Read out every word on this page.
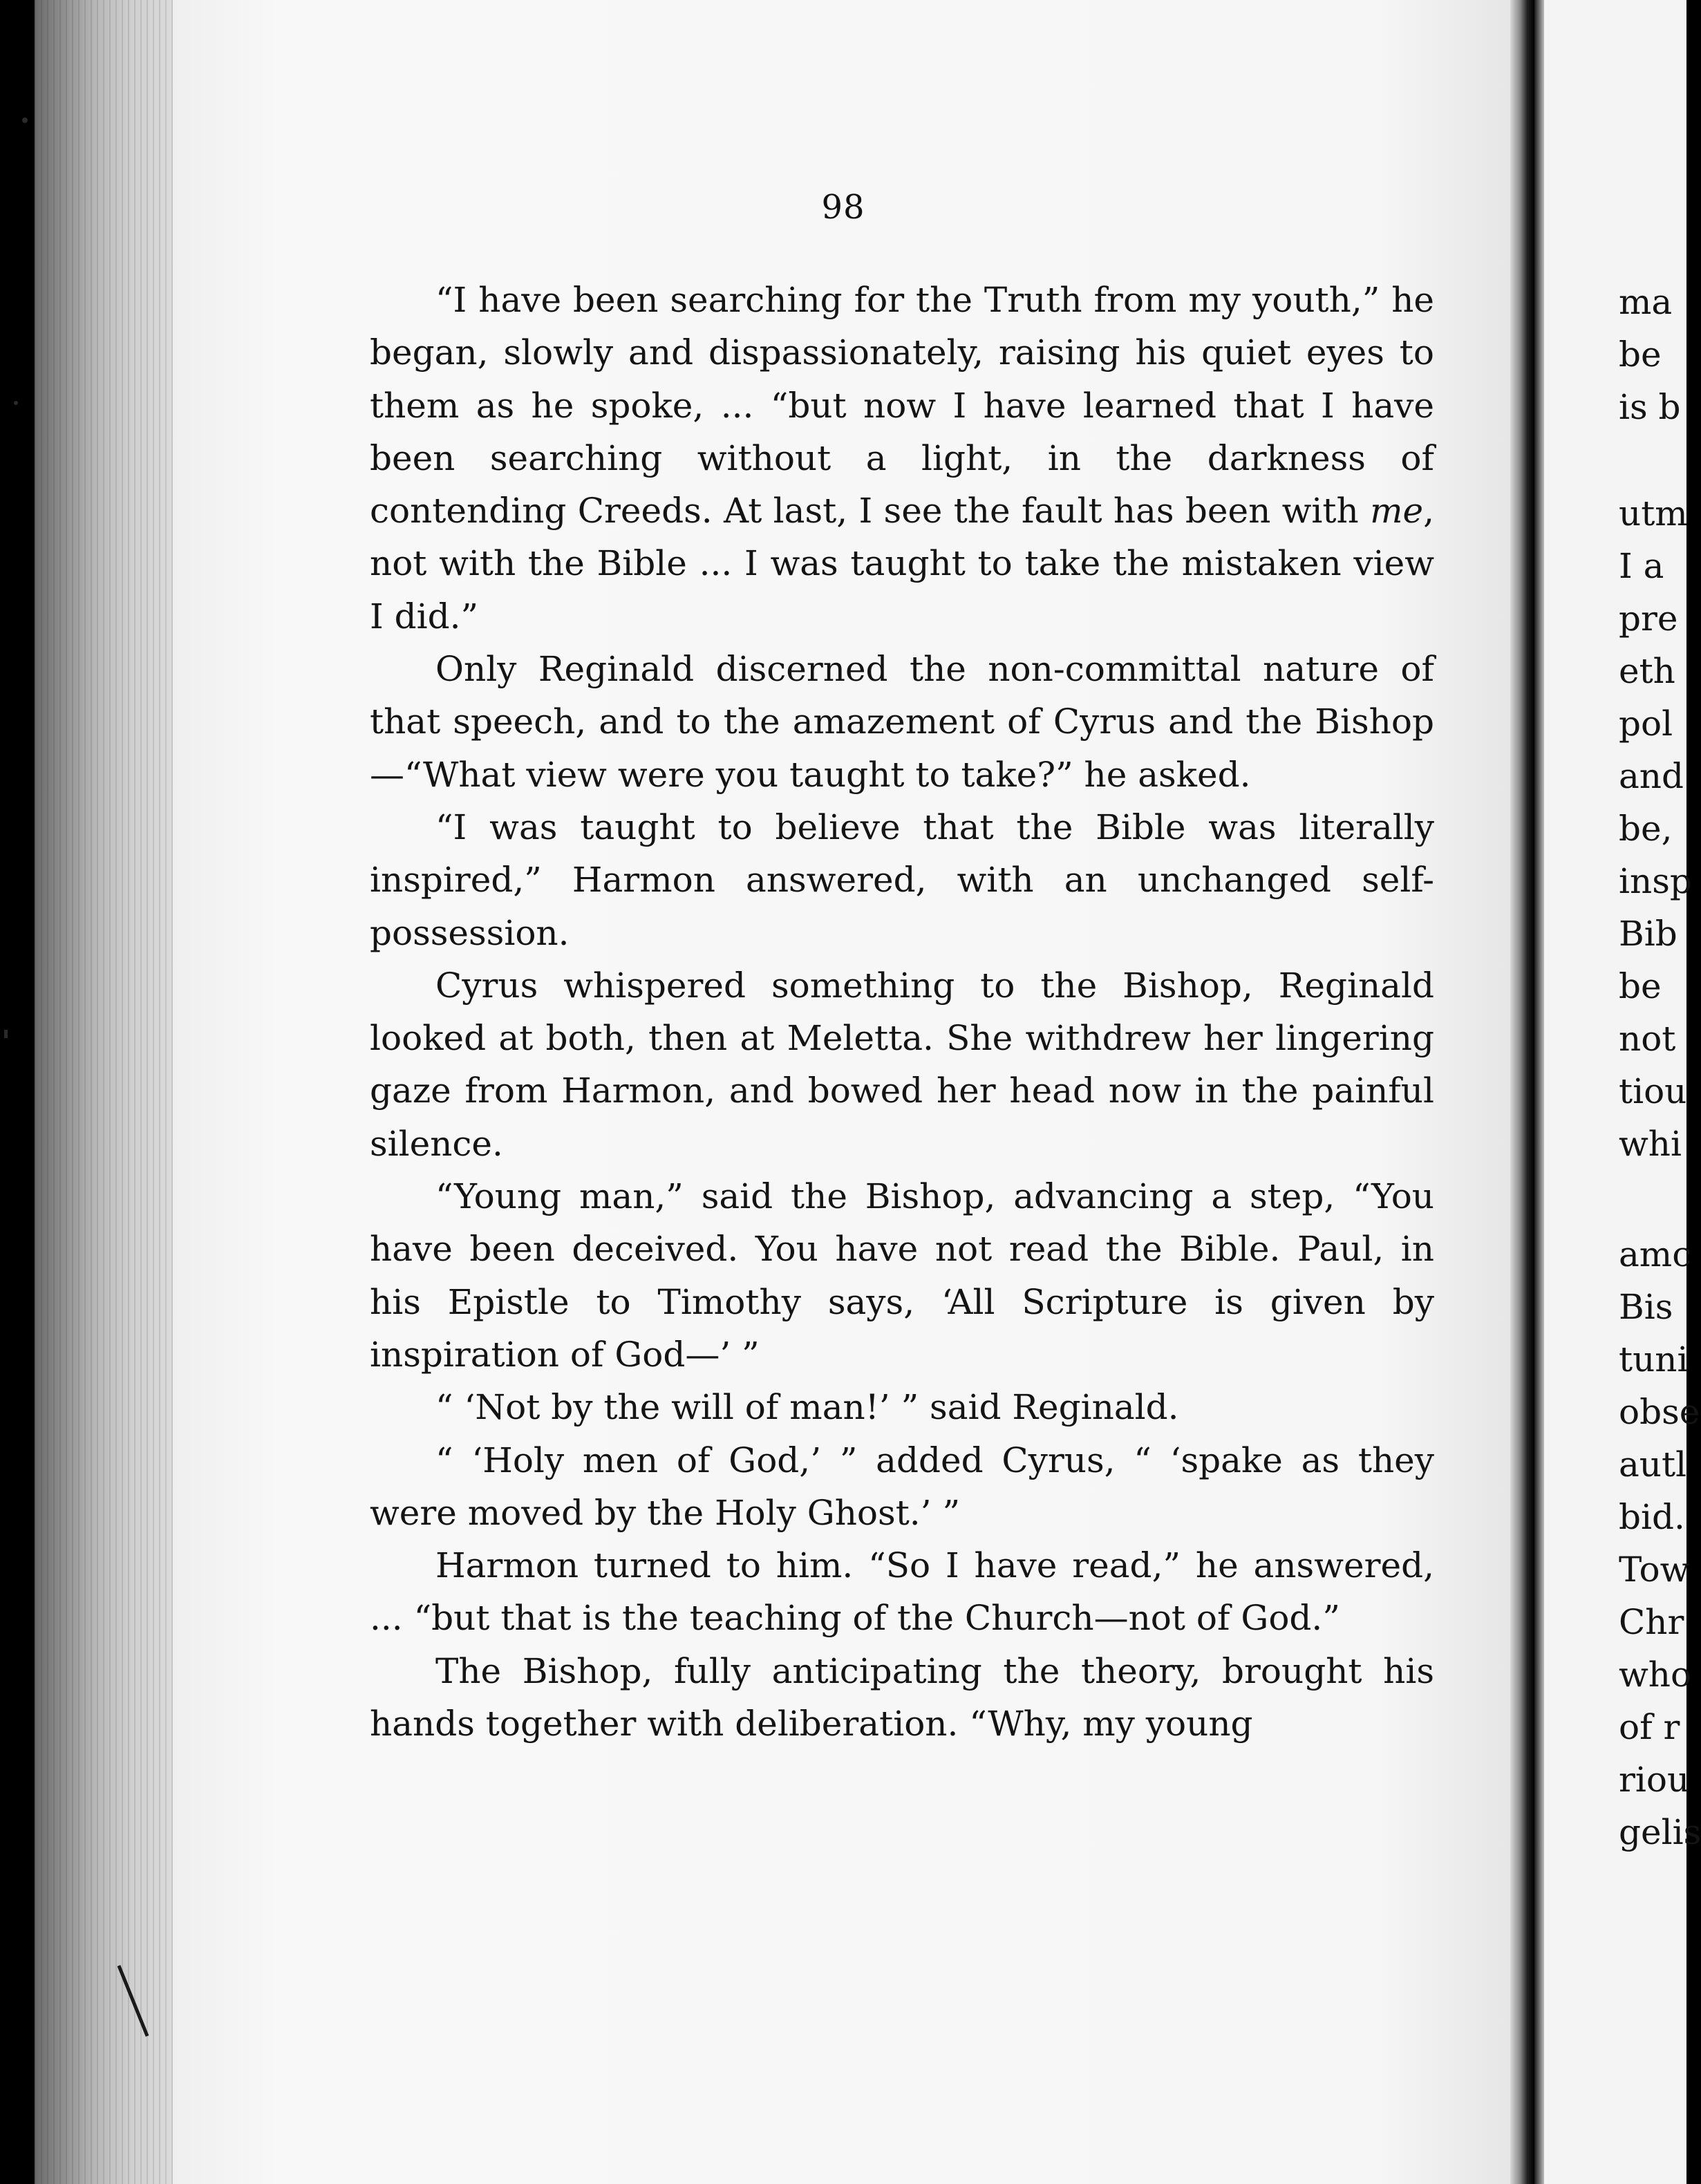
98

“I have been searching for the Truth from my youth,” he began, slowly and dispassionately, raising his quiet eyes to them as he spoke, ... “but now I have learned that I have been searching without a light, in the darkness of contending Creeds. At last, I see the fault has been with me, not with the Bible ... I was taught to take the mistaken view I did.”

Only Reginald discerned the non-committal nature of that speech, and to the amazement of Cyrus and the Bishop—“What view were you taught to take?” he asked.

“I was taught to believe that the Bible was literally inspired,” Harmon answered, with an unchanged self-possession.

Cyrus whispered something to the Bishop, Reginald looked at both, then at Meletta. She withdrew her lingering gaze from Harmon, and bowed her head now in the painful silence.

“Young man,” said the Bishop, advancing a step, “You have been deceived. You have not read the Bible. Paul, in his Epistle to Timothy says, ‘All Scripture is given by inspiration of God—’ ”

“ ‘Not by the will of man!’ ” said Reginald.

“ ‘Holy men of God,’ ” added Cyrus, “ ‘spake as they were moved by the Holy Ghost.’ ”

Harmon turned to him. “So I have read,” he answered, ... “but that is the teaching of the Church—not of God.”

The Bishop, fully anticipating the theory, brought his hands together with deliberation. “Why, my young

ma
be
is b
utm
I a
pre
eth
pol
and
be,
insp
Bib
be
not
tiou
whi
amc
Bis
tuni
obse
autl
bid.
Tow
Chr
who
of r
riou
gelis
